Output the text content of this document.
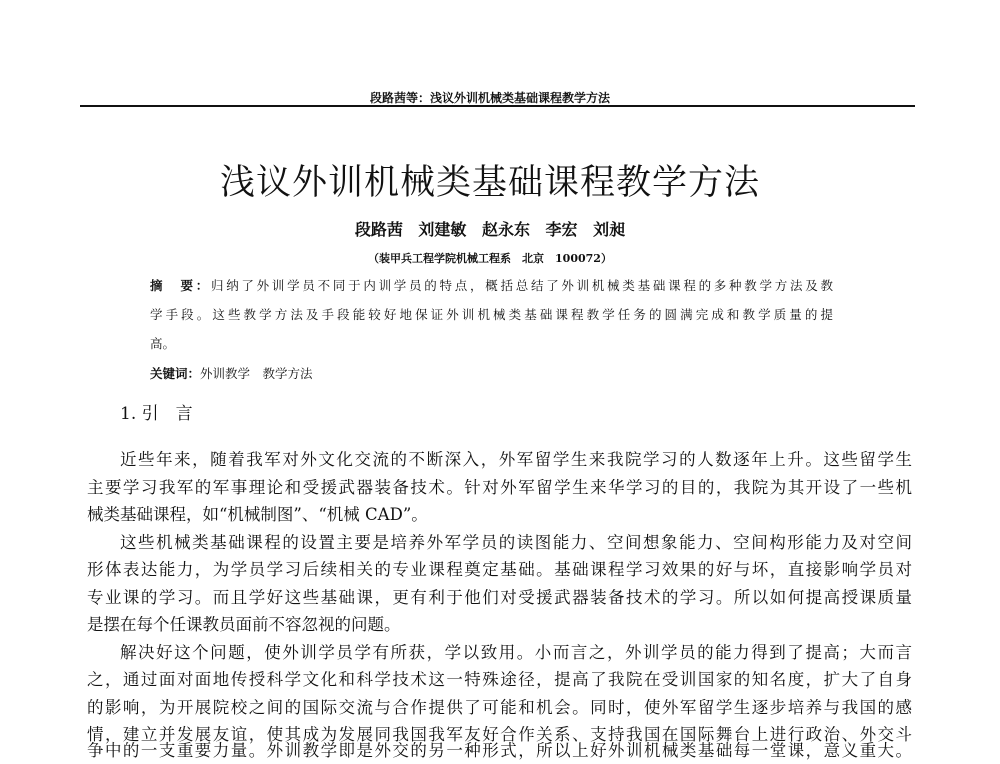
段路茜等：浅议外训机械类基础课程教学方法
浅议外训机械类基础课程教学方法
段路茜 刘建敏 赵永东 李宏 刘昶
（装甲兵工程学院机械工程系　北京　100072）
摘　要：归纳了外训学员不同于内训学员的特点，概括总结了外训机械类基础课程的多种教学方法及教
学手段。这些教学方法及手段能较好地保证外训机械类基础课程教学任务的圆满完成和教学质量的提
高。
关键词：外训教学　教学方法
1. 引　言
近些年来，随着我军对外文化交流的不断深入，外军留学生来我院学习的人数逐年上升。这些留学生
主要学习我军的军事理论和受援武器装备技术。针对外军留学生来华学习的目的，我院为其开设了一些机
械类基础课程，如“机械制图”、“机械 CAD”。
这些机械类基础课程的设置主要是培养外军学员的读图能力、空间想象能力、空间构形能力及对空间
形体表达能力，为学员学习后续相关的专业课程奠定基础。基础课程学习效果的好与坏，直接影响学员对
专业课的学习。而且学好这些基础课，更有利于他们对受援武器装备技术的学习。所以如何提高授课质量
是摆在每个任课教员面前不容忽视的问题。
解决好这个问题，使外训学员学有所获，学以致用。小而言之，外训学员的能力得到了提高；大而言
之，通过面对面地传授科学文化和科学技术这一特殊途径，提高了我院在受训国家的知名度，扩大了自身
的影响，为开展院校之间的国际交流与合作提供了可能和机会。同时，使外军留学生逐步培养与我国的感
情，建立并发展友谊，使其成为发展同我国我军友好合作关系、支持我国在国际舞台上进行政治、外交斗
争中的一支重要力量。外训教学即是外交的另一种形式，所以上好外训机械类基础每一堂课，意义重大。
